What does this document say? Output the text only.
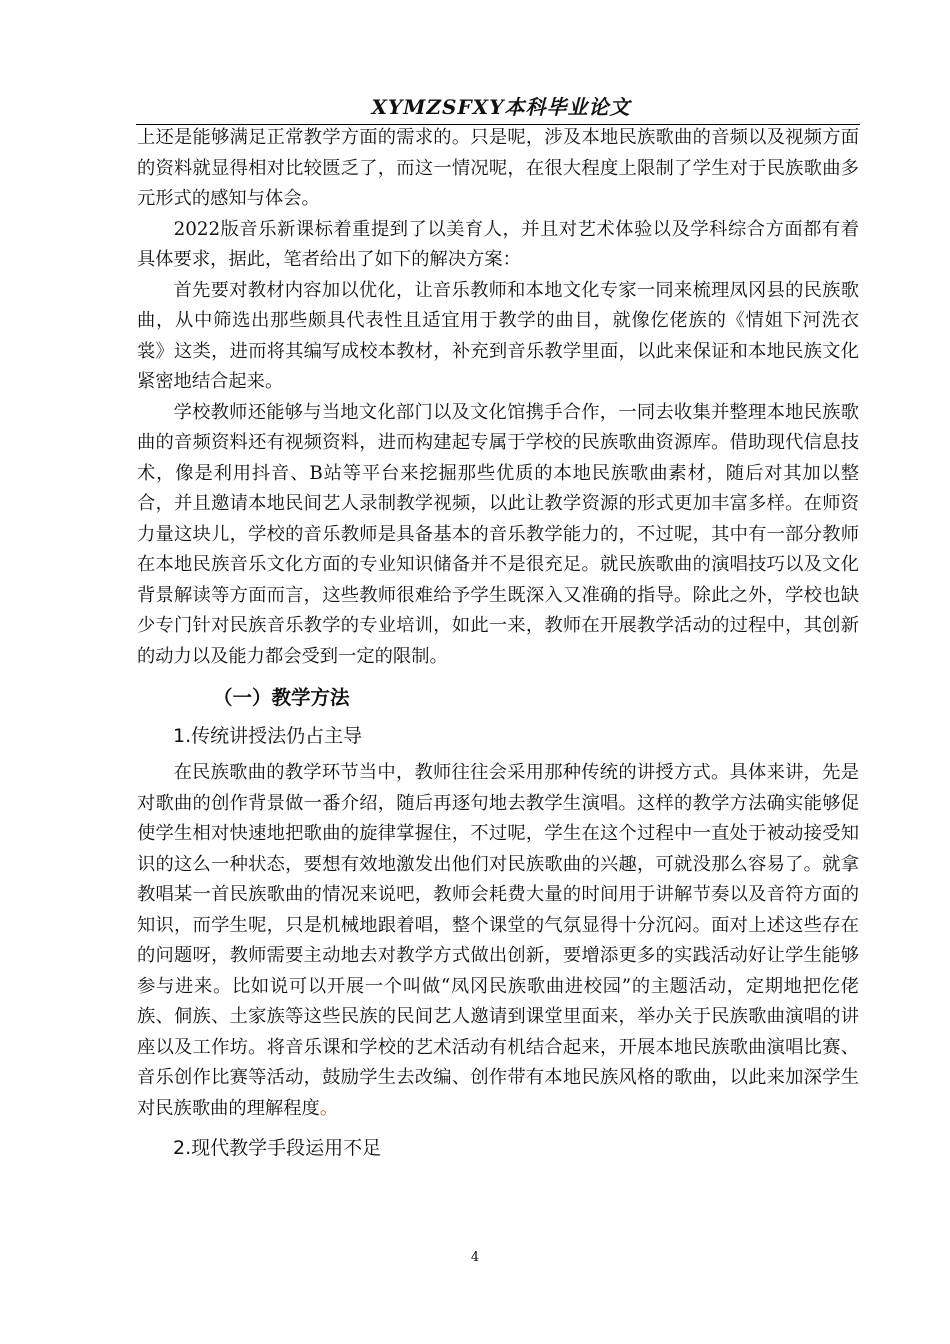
XYMZSFXY本科毕业论文

上还是能够满足正常教学方面的需求的。只是呢，涉及本地民族歌曲的音频以及视频方面的资料就显得相对比较匮乏了，而这一情况呢，在很大程度上限制了学生对于民族歌曲多元形式的感知与体会。

2022版音乐新课标着重提到了以美育人，并且对艺术体验以及学科综合方面都有着具体要求，据此，笔者给出了如下的解决方案：

首先要对教材内容加以优化，让音乐教师和本地文化专家一同来梳理凤冈县的民族歌曲，从中筛选出那些颇具代表性且适宜用于教学的曲目，就像仡佬族的《情姐下河洗衣裳》这类，进而将其编写成校本教材，补充到音乐教学里面，以此来保证和本地民族文化紧密地结合起来。

学校教师还能够与当地文化部门以及文化馆携手合作，一同去收集并整理本地民族歌曲的音频资料还有视频资料，进而构建起专属于学校的民族歌曲资源库。借助现代信息技术，像是利用抖音、B站等平台来挖掘那些优质的本地民族歌曲素材，随后对其加以整合，并且邀请本地民间艺人录制教学视频，以此让教学资源的形式更加丰富多样。在师资力量这块儿，学校的音乐教师是具备基本的音乐教学能力的，不过呢，其中有一部分教师在本地民族音乐文化方面的专业知识储备并不是很充足。就民族歌曲的演唱技巧以及文化背景解读等方面而言，这些教师很难给予学生既深入又准确的指导。除此之外，学校也缺少专门针对民族音乐教学的专业培训，如此一来，教师在开展教学活动的过程中，其创新的动力以及能力都会受到一定的限制。

（一）教学方法
1.传统讲授法仍占主导

在民族歌曲的教学环节当中，教师往往会采用那种传统的讲授方式。具体来讲，先是对歌曲的创作背景做一番介绍，随后再逐句地去教学生演唱。这样的教学方法确实能够促使学生相对快速地把歌曲的旋律掌握住，不过呢，学生在这个过程中一直处于被动接受知识的这么一种状态，要想有效地激发出他们对民族歌曲的兴趣，可就没那么容易了。就拿教唱某一首民族歌曲的情况来说吧，教师会耗费大量的时间用于讲解节奏以及音符方面的知识，而学生呢，只是机械地跟着唱，整个课堂的气氛显得十分沉闷。面对上述这些存在的问题呀，教师需要主动地去对教学方式做出创新，要增添更多的实践活动好让学生能够参与进来。比如说可以开展一个叫做“凤冈民族歌曲进校园”的主题活动，定期地把仡佬族、侗族、土家族等这些民族的民间艺人邀请到课堂里面来，举办关于民族歌曲演唱的讲座以及工作坊。将音乐课和学校的艺术活动有机结合起来，开展本地民族歌曲演唱比赛、音乐创作比赛等活动，鼓励学生去改编、创作带有本地民族风格的歌曲，以此来加深学生对民族歌曲的理解程度。

2.现代教学手段运用不足
4
